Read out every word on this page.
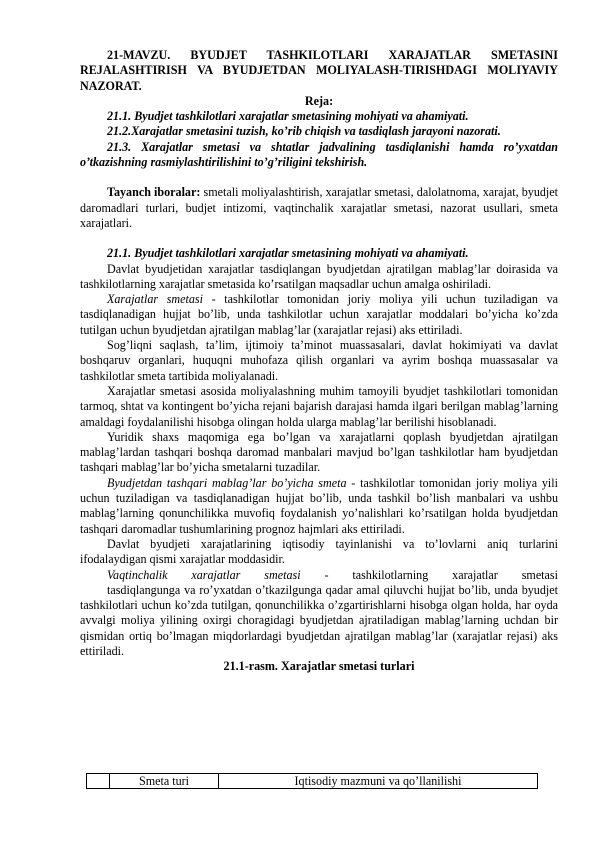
21-MAVZU. BYUDJET TASHKILOTLARI XARAJATLAR SMETASINI REJALASHTIRISH VA BYUDJETDAN MOLIYALASH-TIRISHDAGI MOLIYAVIY NAZORAT.

Reja:

21.1. Byudjet tashkilotlari xarajatlar smetasining mohiyati va ahamiyati.

21.2.Xarajatlar smetasini tuzish, ko’rib chiqish va tasdiqlash jarayoni nazorati.

21.3. Xarajatlar smetasi va shtatlar jadvalining tasdiqlanishi hamda ro’yxatdan o’tkazishning rasmiylashtirilishini to’g’riligini tekshirish.

Tayanch iboralar: smetali moliyalashtirish, xarajatlar smetasi, dalolatnoma, xarajat, byudjet daromadlari turlari, budjet intizomi, vaqtinchalik xarajatlar smetasi, nazorat usullari, smeta xarajatlari.

21.1. Byudjet tashkilotlari xarajatlar smetasining mohiyati va ahamiyati.

Davlat byudjetidan xarajatlar tasdiqlangan byudjetdan ajratilgan mablag’lar doirasida va tashkilotlarning xarajatlar smetasida ko’rsatilgan maqsadlar uchun amalga oshiriladi.

Xarajatlar smetasi - tashkilotlar tomonidan joriy moliya yili uchun tuziladigan va tasdiqlanadigan hujjat bo’lib, unda tashkilotlar uchun xarajatlar moddalari bo’yicha ko’zda tutilgan uchun byudjetdan ajratilgan mablag’lar (xarajatlar rejasi) aks ettiriladi.

Sog’liqni saqlash, ta’lim, ijtimoiy ta’minot muassasalari, davlat hokimiyati va davlat boshqaruv organlari, huquqni muhofaza qilish organlari va ayrim boshqa muassasalar va tashkilotlar smeta tartibida moliyalanadi.

Xarajatlar smetasi asosida moliyalashning muhim tamoyili byudjet tashkilotlari tomonidan tarmoq, shtat va kontingent bo’yicha rejani bajarish darajasi hamda ilgari berilgan mablag’larning amaldagi foydalanilishi hisobga olingan holda ularga mablag’lar berilishi hisoblanadi.

Yuridik shaxs maqomiga ega bo’lgan va xarajatlarni qoplash byudjetdan ajratilgan mablag’lardan tashqari boshqa daromad manbalari mavjud bo’lgan tashkilotlar ham byudjetdan tashqari mablag’lar bo’yicha smetalarni tuzadilar.

Byudjetdan tashqari mablag’lar bo’yicha smeta - tashkilotlar tomonidan joriy moliya yili uchun tuziladigan va tasdiqlanadigan hujjat bo’lib, unda tashkil bo’lish manbalari va ushbu mablag’larning qonunchilikka muvofiq foydalanish yo’nalishlari ko’rsatilgan holda byudjetdan tashqari daromadlar tushumlarining prognoz hajmlari aks ettiriladi.

Davlat byudjeti xarajatlarining iqtisodiy tayinlanishi va to’lovlarni aniq turlarini ifodalaydigan qismi xarajatlar moddasidir.

Vaqtinchalik xarajatlar smetasi - tashkilotlarning xarajatlar smetasi

tasdiqlangunga va ro’yxatdan o’tkazilgunga qadar amal qiluvchi hujjat bo’lib, unda byudjet tashkilotlari uchun ko’zda tutilgan, qonunchilikka o’zgartirishlarni hisobga olgan holda, har oyda avvalgi moliya yilining oxirgi choragidagi byudjetdan ajratiladigan mablag’larning uchdan bir qismidan ortiq bo’lmagan miqdorlardagi byudjetdan ajratilgan mablag’lar (xarajatlar rejasi) aks ettiriladi.

21.1-rasm. Xarajatlar smetasi turlari

	Smeta turi	Iqtisodiy mazmuni va qo’llanilishi
